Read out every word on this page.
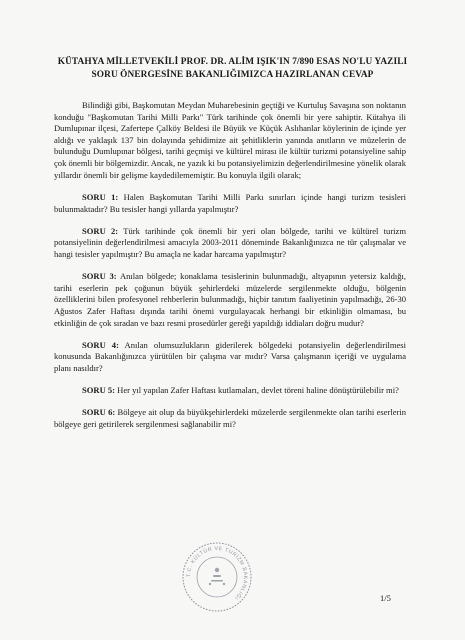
KÜTAHYA MİLLETVEKİLİ PROF. DR. ALİM IŞIK'IN 7/890 ESAS NO'LU YAZILI
SORU ÖNERGESİNE BAKANLIĞIMIZCA HAZIRLANAN CEVAP

Bilindiği gibi, Başkomutan Meydan Muharebesinin geçtiği ve Kurtuluş Savaşına son noktanın konduğu "Başkomutan Tarihi Milli Parkı" Türk tarihinde çok önemli bir yere sahiptir. Kütahya ili Dumlupınar ilçesi, Zafertepe Çalköy Beldesi ile Büyük ve Küçük Aslıhanlar köylerinin de içinde yer aldığı ve yaklaşık 137 bin dolayında şehidimize ait şehitliklerin yanında anıtların ve müzelerin de bulunduğu Dumlupınar bölgesi, tarihi geçmişi ve kültürel mirası ile kültür turizmi potansiyeline sahip çok önemli bir bölgemizdir. Ancak, ne yazık ki bu potansiyelimizin değerlendirilmesine yönelik olarak yıllardır önemli bir gelişme kaydedilememiştir. Bu konuyla ilgili olarak;

SORU 1: Halen Başkomutan Tarihi Milli Parkı sınırları içinde hangi turizm tesisleri bulunmaktadır? Bu tesisler hangi yıllarda yapılmıştır?

SORU 2: Türk tarihinde çok önemli bir yeri olan bölgede, tarihi ve kültürel turizm potansiyelinin değerlendirilmesi amacıyla 2003-2011 döneminde Bakanlığınızca ne tür çalışmalar ve hangi tesisler yapılmıştır? Bu amaçla ne kadar harcama yapılmıştır?

SORU 3: Anılan bölgede; konaklama tesislerinin bulunmadığı, altyapının yetersiz kaldığı, tarihi eserlerin pek çoğunun büyük şehirlerdeki müzelerde sergilenmekte olduğu, bölgenin özelliklerini bilen profesyonel rehberlerin bulunmadığı, hiçbir tanıtım faaliyetinin yapılmadığı, 26-30 Ağustos Zafer Haftası dışında tarihi önemi vurgulayacak herhangi bir etkinliğin olmaması, bu etkinliğin de çok sıradan ve bazı resmi prosedürler gereği yapıldığı iddiaları doğru mudur?

SORU 4: Anılan olumsuzlukların giderilerek bölgedeki potansiyelin değerlendirilmesi konusunda Bakanlığınızca yürütülen bir çalışma var mıdır? Varsa çalışmanın içeriği ve uygulama planı nasıldır?

SORU 5: Her yıl yapılan Zafer Haftası kutlamaları, devlet töreni haline dönüştürülebilir mi?

SORU 6: Bölgeye ait olup da büyükşehirlerdeki müzelerde sergilenmekte olan tarihi eserlerin bölgeye geri getirilerek sergilenmesi sağlanabilir mi?

T.C. KÜLTÜR VE TURİZM BAKANLIĞI	1/5
